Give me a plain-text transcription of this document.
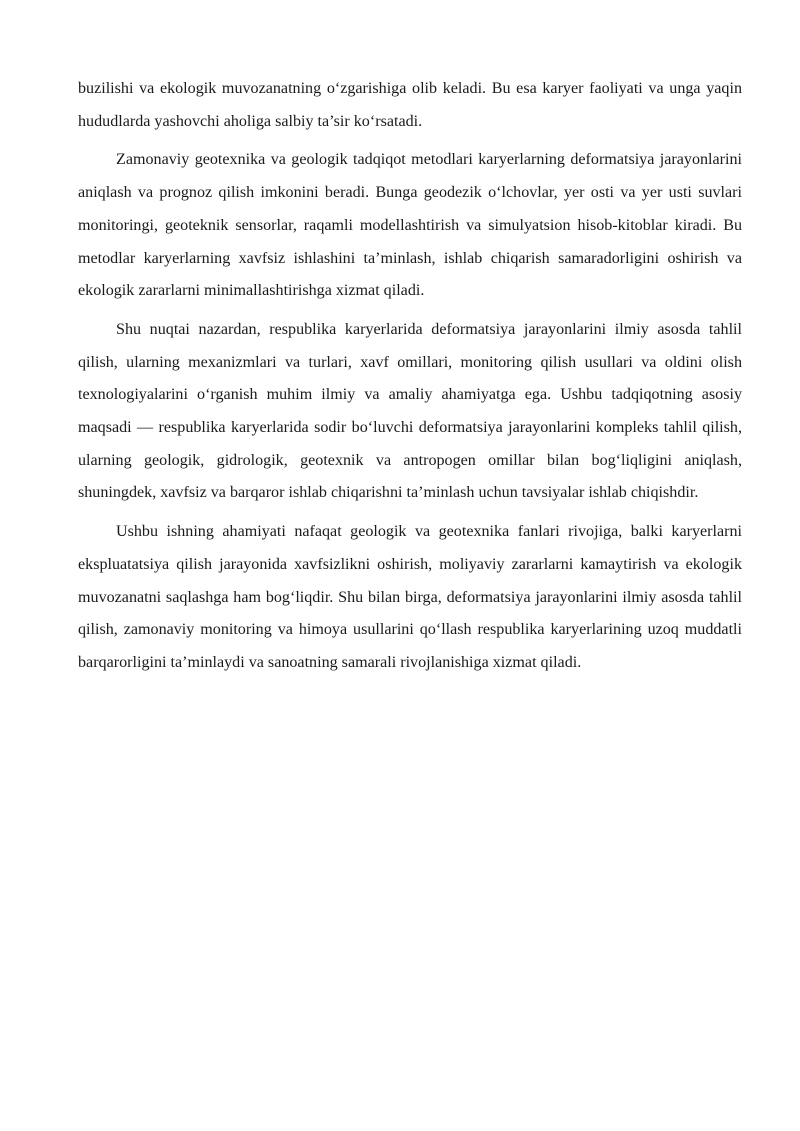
buzilishi va ekologik muvozanatning o‘zgarishiga olib keladi. Bu esa karyer faoliyati va unga yaqin hududlarda yashovchi aholiga salbiy ta’sir ko‘rsatadi.

Zamonaviy geotexnika va geologik tadqiqot metodlari karyerlarning deformatsiya jarayonlarini aniqlash va prognoz qilish imkonini beradi. Bunga geodezik o‘lchovlar, yer osti va yer usti suvlari monitoringi, geoteknik sensorlar, raqamli modellashtirish va simulyatsion hisob-kitoblar kiradi. Bu metodlar karyerlarning xavfsiz ishlashini ta’minlash, ishlab chiqarish samaradorligini oshirish va ekologik zararlarni minimallashtirishga xizmat qiladi.

Shu nuqtai nazardan, respublika karyerlarida deformatsiya jarayonlarini ilmiy asosda tahlil qilish, ularning mexanizmlari va turlari, xavf omillari, monitoring qilish usullari va oldini olish texnologiyalarini o‘rganish muhim ilmiy va amaliy ahamiyatga ega. Ushbu tadqiqotning asosiy maqsadi — respublika karyerlarida sodir bo‘luvchi deformatsiya jarayonlarini kompleks tahlil qilish, ularning geologik, gidrologik, geotexnik va antropogen omillar bilan bog‘liqligini aniqlash, shuningdek, xavfsiz va barqaror ishlab chiqarishni ta’minlash uchun tavsiyalar ishlab chiqishdir.

Ushbu ishning ahamiyati nafaqat geologik va geotexnika fanlari rivojiga, balki karyerlarni ekspluatatsiya qilish jarayonida xavfsizlikni oshirish, moliyaviy zararlarni kamaytirish va ekologik muvozanatni saqlashga ham bog‘liqdir. Shu bilan birga, deformatsiya jarayonlarini ilmiy asosda tahlil qilish, zamonaviy monitoring va himoya usullarini qo‘llash respublika karyerlarining uzoq muddatli barqarorligini ta’minlaydi va sanoatning samarali rivojlanishiga xizmat qiladi.
